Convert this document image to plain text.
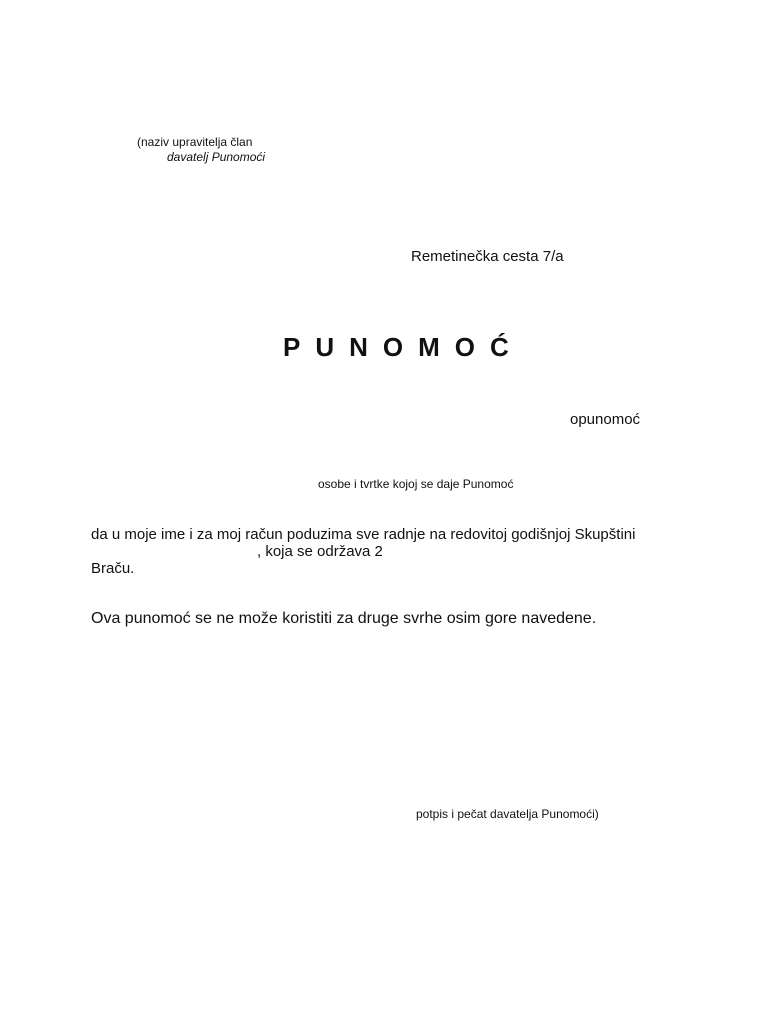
(naziv upravitelja član
davatelj Punomoći
Remetinečka cesta 7/a
PUNOMOĆ
opunomoć
osobe i tvrtke kojoj se daje Punomoć
da u moje ime i za moj račun poduzima sve radnje na redovitoj godišnjoj Skupštini
, koja se održava 2
Braču.
Ova punomoć se ne može koristiti za druge svrhe osim gore navedene.
potpis i pečat davatelja Punomoći)
